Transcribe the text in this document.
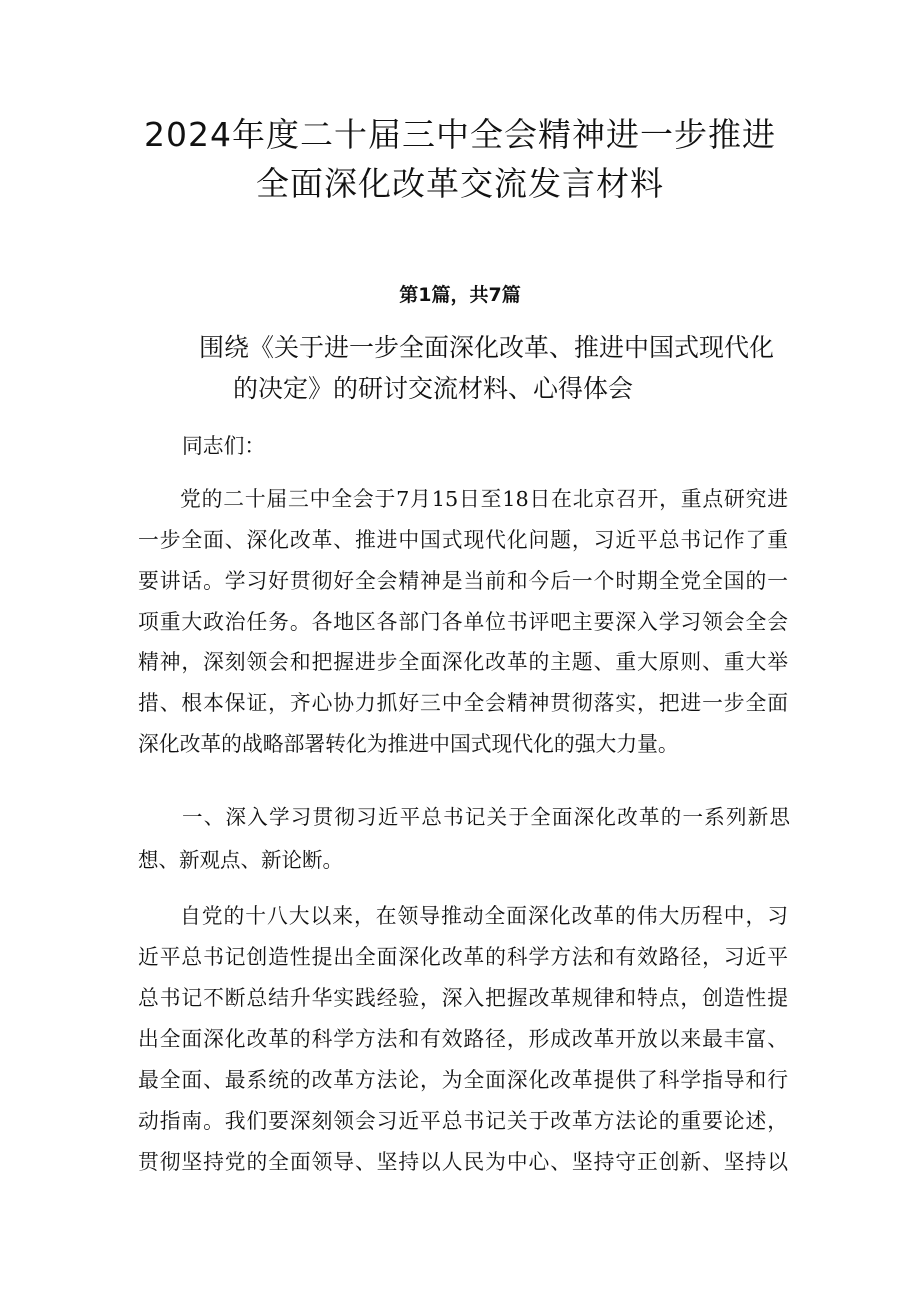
2024年度二十届三中全会精神进一步推进
全面深化改革交流发言材料
第1篇，共7篇
围绕《关于进一步全面深化改革、推进中国式现代化
的决定》的研讨交流材料、心得体会
同志们：
党的二十届三中全会于7月15日至18日在北京召开，重点研究进
一步全面、深化改革、推进中国式现代化问题，习近平总书记作了重
要讲话。学习好贯彻好全会精神是当前和今后一个时期全党全国的一
项重大政治任务。各地区各部门各单位书评吧主要深入学习领会全会
精神，深刻领会和把握进步全面深化改革的主题、重大原则、重大举
措、根本保证，齐心协力抓好三中全会精神贯彻落实，把进一步全面
深化改革的战略部署转化为推进中国式现代化的强大力量。
一、深入学习贯彻习近平总书记关于全面深化改革的一系列新思
想、新观点、新论断。
自党的十八大以来，在领导推动全面深化改革的伟大历程中，习
近平总书记创造性提出全面深化改革的科学方法和有效路径，习近平
总书记不断总结升华实践经验，深入把握改革规律和特点，创造性提
出全面深化改革的科学方法和有效路径，形成改革开放以来最丰富、
最全面、最系统的改革方法论，为全面深化改革提供了科学指导和行
动指南。我们要深刻领会习近平总书记关于改革方法论的重要论述，
贯彻坚持党的全面领导、坚持以人民为中心、坚持守正创新、坚持以
